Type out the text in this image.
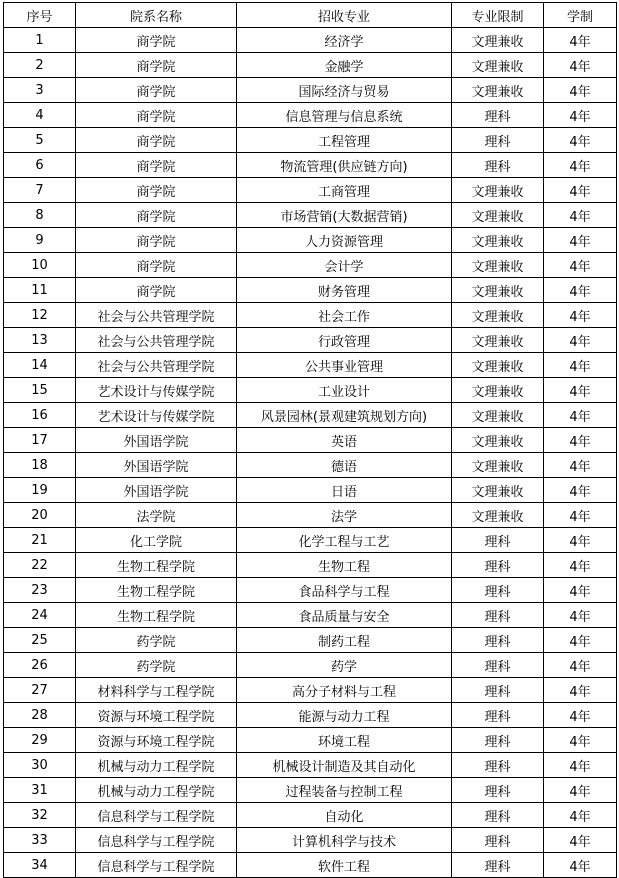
序号	院系名称	招收专业	专业限制	学制
1	商学院	经济学	文理兼收	4年
2	商学院	金融学	文理兼收	4年
3	商学院	国际经济与贸易	文理兼收	4年
4	商学院	信息管理与信息系统	理科	4年
5	商学院	工程管理	理科	4年
6	商学院	物流管理(供应链方向)	理科	4年
7	商学院	工商管理	文理兼收	4年
8	商学院	市场营销(大数据营销)	文理兼收	4年
9	商学院	人力资源管理	文理兼收	4年
10	商学院	会计学	文理兼收	4年
11	商学院	财务管理	文理兼收	4年
12	社会与公共管理学院	社会工作	文理兼收	4年
13	社会与公共管理学院	行政管理	文理兼收	4年
14	社会与公共管理学院	公共事业管理	文理兼收	4年
15	艺术设计与传媒学院	工业设计	文理兼收	4年
16	艺术设计与传媒学院	风景园林(景观建筑规划方向)	文理兼收	4年
17	外国语学院	英语	文理兼收	4年
18	外国语学院	德语	文理兼收	4年
19	外国语学院	日语	文理兼收	4年
20	法学院	法学	文理兼收	4年
21	化工学院	化学工程与工艺	理科	4年
22	生物工程学院	生物工程	理科	4年
23	生物工程学院	食品科学与工程	理科	4年
24	生物工程学院	食品质量与安全	理科	4年
25	药学院	制药工程	理科	4年
26	药学院	药学	理科	4年
27	材料科学与工程学院	高分子材料与工程	理科	4年
28	资源与环境工程学院	能源与动力工程	理科	4年
29	资源与环境工程学院	环境工程	理科	4年
30	机械与动力工程学院	机械设计制造及其自动化	理科	4年
31	机械与动力工程学院	过程装备与控制工程	理科	4年
32	信息科学与工程学院	自动化	理科	4年
33	信息科学与工程学院	计算机科学与技术	理科	4年
34	信息科学与工程学院	软件工程	理科	4年
